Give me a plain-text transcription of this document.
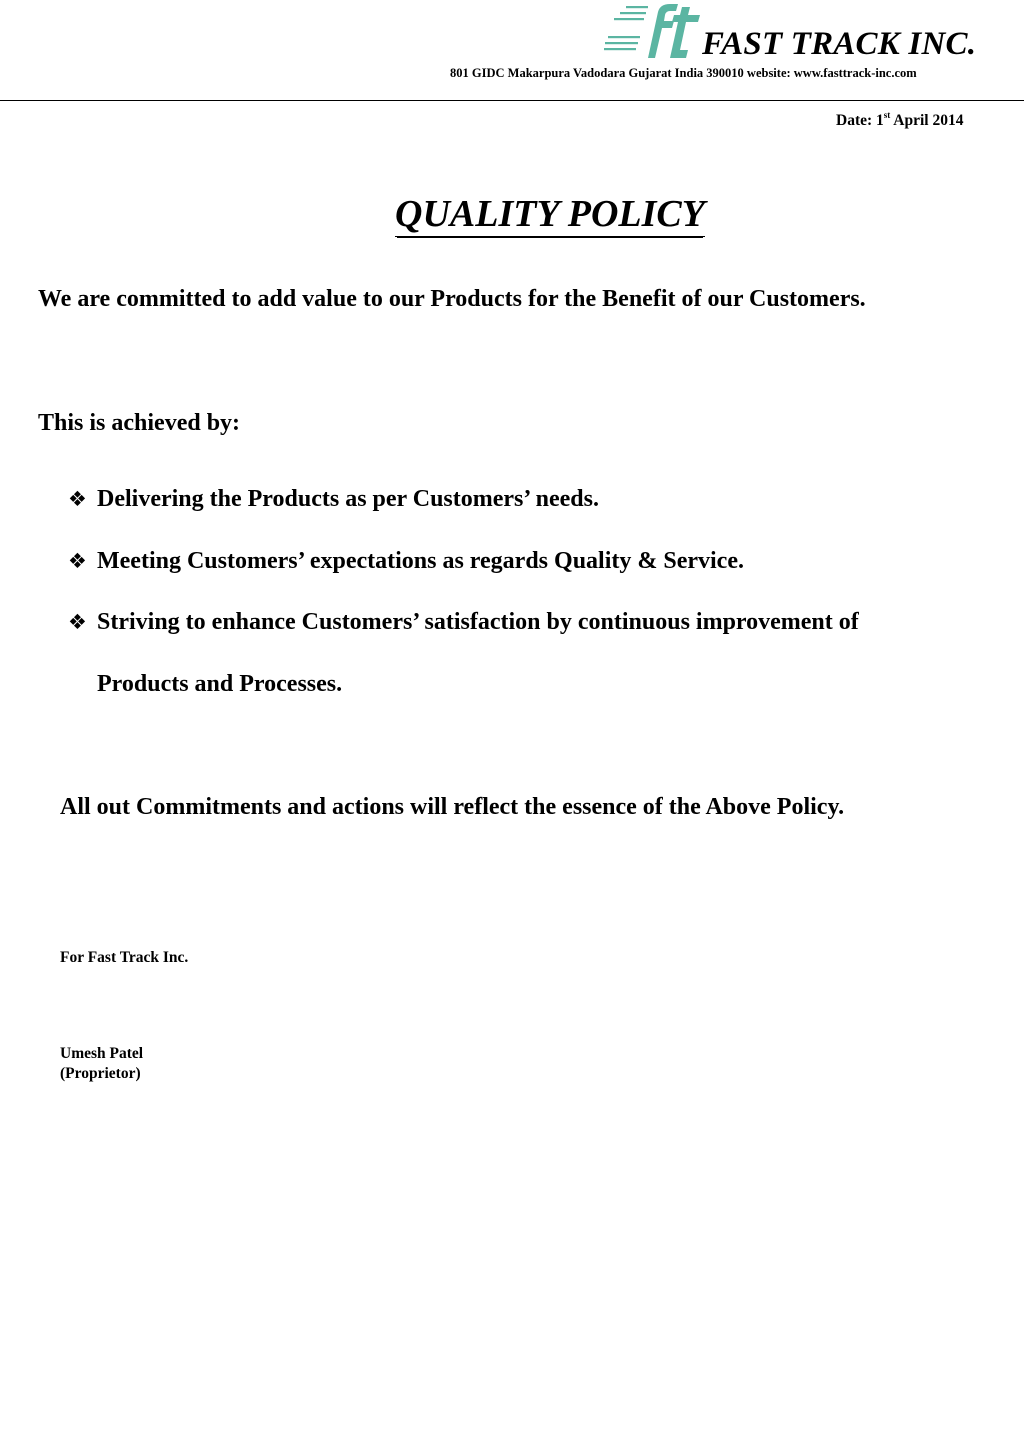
FAST TRACK INC.
801 GIDC Makarpura Vadodara Gujarat India 390010 website: www.fasttrack-inc.com
Date: 1st April 2014
QUALITY POLICY
We are committed to add value to our Products for the Benefit of our Customers.
This is achieved by:
❖ Delivering the Products as per Customers’ needs.
❖ Meeting Customers’ expectations as regards Quality & Service.
❖ Striving to enhance Customers’ satisfaction by continuous improvement of
Products and Processes.
All out Commitments and actions will reflect the essence of the Above Policy.
For Fast Track Inc.
Umesh Patel
(Proprietor)
